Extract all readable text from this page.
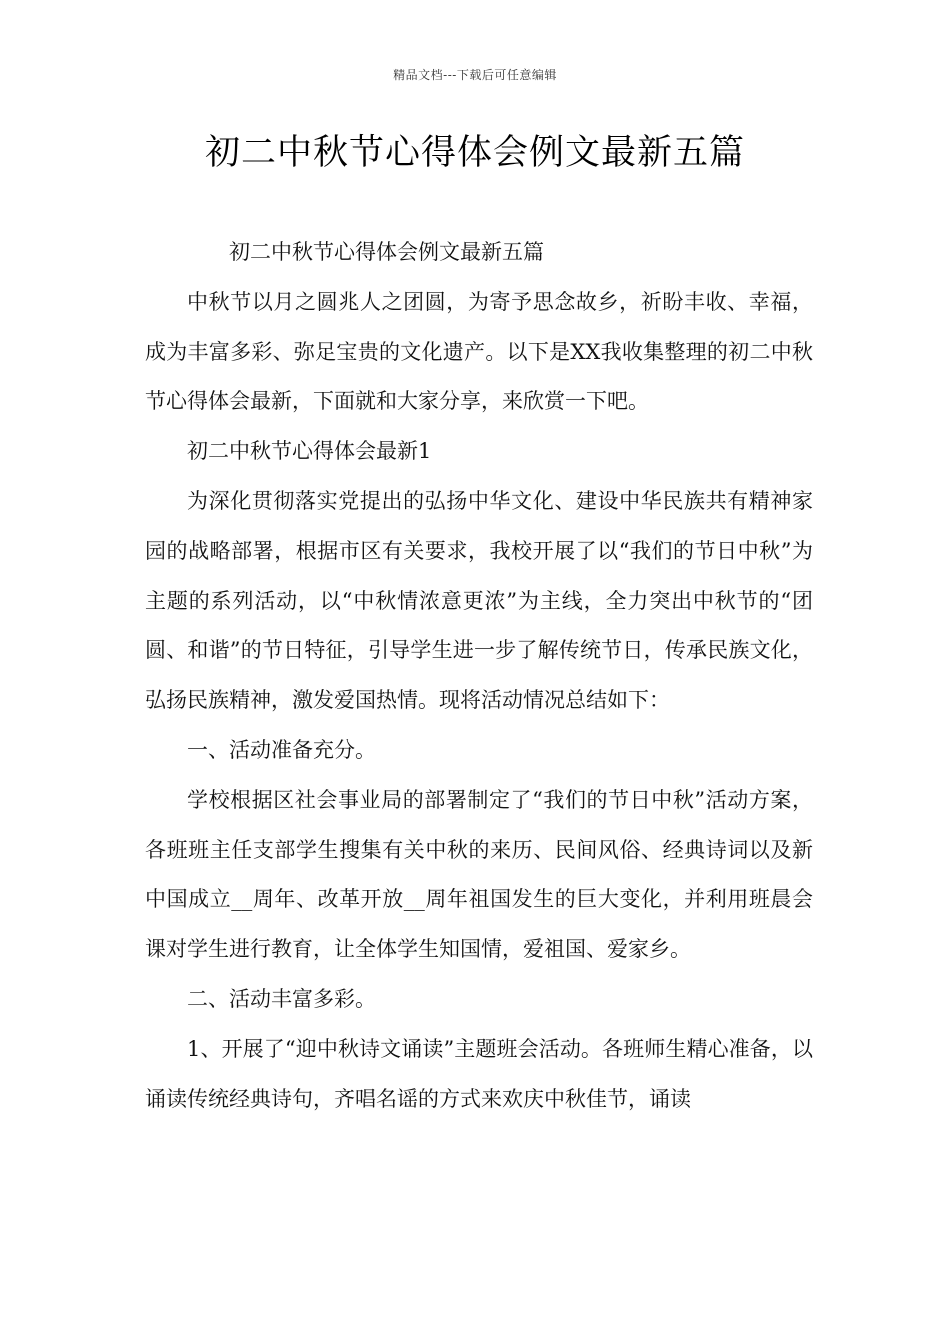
精品文档---下载后可任意编辑
初二中秋节心得体会例文最新五篇

初二中秋节心得体会例文最新五篇

中秋节以月之圆兆人之团圆，为寄予思念故乡，祈盼丰收、幸福，成为丰富多彩、弥足宝贵的文化遗产。以下是XX我收集整理的初二中秋节心得体会最新，下面就和大家分享，来欣赏一下吧。

初二中秋节心得体会最新1

为深化贯彻落实党提出的弘扬中华文化、建设中华民族共有精神家园的战略部署，根据市区有关要求，我校开展了以“我们的节日中秋”为主题的系列活动，以“中秋情浓意更浓”为主线，全力突出中秋节的“团圆、和谐”的节日特征，引导学生进一步了解传统节日，传承民族文化，弘扬民族精神，激发爱国热情。现将活动情况总结如下：

一、活动准备充分。

学校根据区社会事业局的部署制定了“我们的节日中秋”活动方案，各班班主任支部学生搜集有关中秋的来历、民间风俗、经典诗词以及新中国成立__周年、改革开放__周年祖国发生的巨大变化，并利用班晨会课对学生进行教育，让全体学生知国情，爱祖国、爱家乡。

二、活动丰富多彩。

1、开展了“迎中秋诗文诵读”主题班会活动。各班师生精心准备，以诵读传统经典诗句，齐唱名谣的方式来欢庆中秋佳节，诵读
